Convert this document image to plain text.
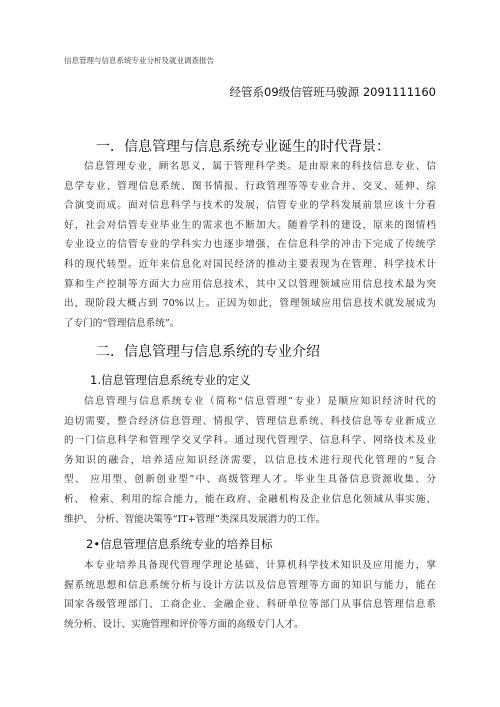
信息管理与信息系统专业分析及就业调查报告
经管系09级信管班马骏源 2091111160
一．信息管理与信息系统专业诞生的时代背景：
信息管理专业，顾名思义，属于管理科学类。是由原来的科技信息专业、信
息学专业、管理信息系统、图书情报、行政管理等等专业合并、交叉、延伸、综
合演变而成。面对信息科学与技术的发展，信管专业的学科发展前景应该十分看
好，社会对信管专业毕业生的需求也不断加大。随着学科的建设，原来的图情档
专业设立的信管专业的学科实力也逐步增强，在信息科学的冲击下完成了传统学
科的现代转型。近年来信息化对国民经济的推动主要表现为在管理、科学技术计
算和生产控制等方面大力应用信息技术，其中又以管理领域应用信息技术最为突
出，现阶段大概占到 70%以上。正因为如此，管理领域应用信息技术就发展成为
了专门的“管理信息系统”。
二．信息管理与信息系统的专业介绍
1.信息管理信息系统专业的定义
信息管理与信息系统专业（简称“信息管理”专业）是顺应知识经济时代的
迫切需要，整合经济信息管理、情报学、管理信息系统、科技信息等专业新成立
的一门信息科学和管理学交叉学科。通过现代管理学、信息科学、网络技术及业
务知识的融合，培养适应知识经济需要，以信息技术进行现代化管理的“复合
型、 应用型、创新创业型”中、高级管理人才。毕业生具备信息资源收集、分
析、 检索、利用的综合能力，能在政府、金融机构及企业信息化领域从事实施、
维护、 分析、智能决策等“IT+管理”类深具发展潜力的工作。
2•信息管理信息系统专业的培养目标
本专业培养具备现代管理学理论基础、计算机科学技术知识及应用能力，掌
握系统思想和信息系统分析与设计方法以及信息管理等方面的知识与能力，能在
国家各级管理部门、工商企业、金融企业、科研单位等部门从事信息管理信息系
统分析、设计、实施管理和评价等方面的高级专门人才。
